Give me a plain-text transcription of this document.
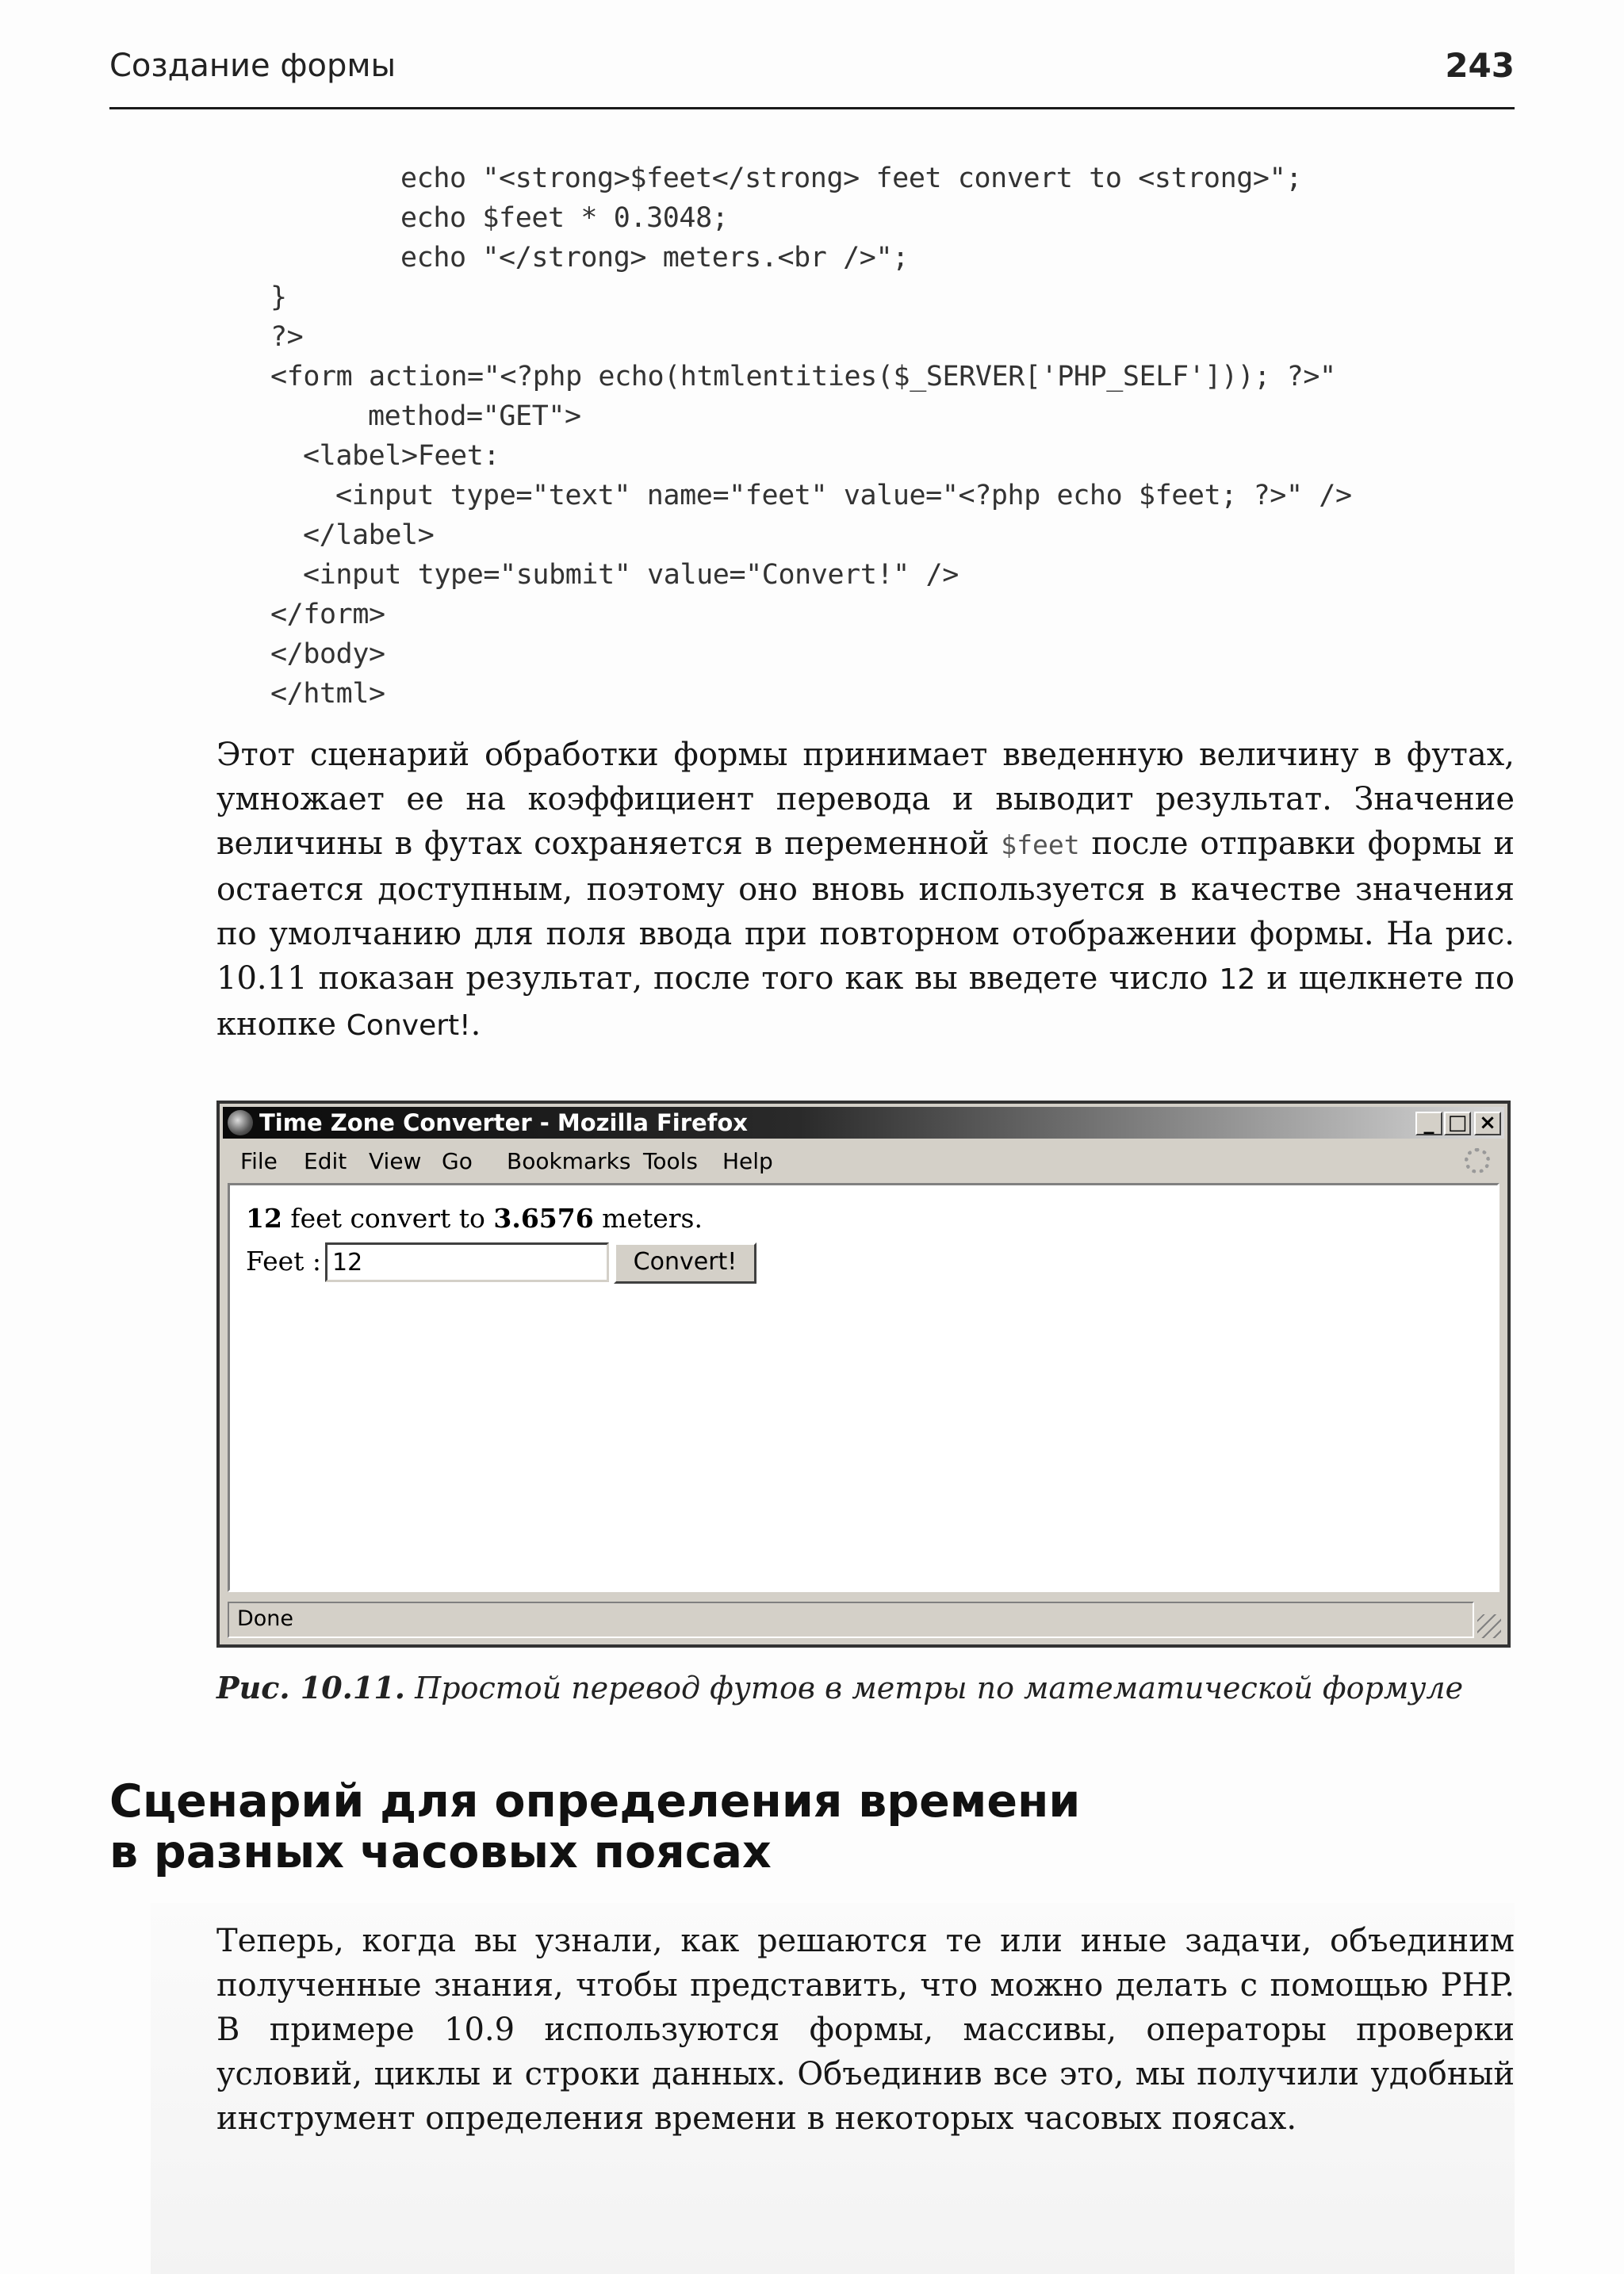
Создание формы	243
echo "<strong>$feet</strong> feet convert to <strong>";
echo $feet * 0.3048;
echo "</strong> meters.<br />";
}
?>
<form action="<?php echo(htmlentities($_SERVER['PHP_SELF'])); ?>"
method="GET">
<label>Feet:
<input type="text" name="feet" value="<?php echo $feet; ?>" />
</label>
<input type="submit" value="Convert!" />
</form>
</body>
</html>
Этот сценарий обработки формы принимает введенную величину в футах, умножает ее на коэффициент перевода и выводит результат. Значение величины в футах сохраняется в переменной $feet после отправки формы и остается доступным, поэтому оно вновь используется в качестве значения по умолчанию для поля ввода при повторном отображении формы. На рис. 10.11 показан результат, после того как вы введете число 12 и щелкнете по кнопке Convert!.
Time Zone Converter - Mozilla Firefox	_ □ ×
File Edit View Go Bookmarks Tools Help
12 feet convert to 3.6576 meters.
Feet : 12	Convert!
Done
Рис. 10.11. Простой перевод футов в метры по математической формуле
Сценарий для определения времени
в разных часовых поясах
Теперь, когда вы узнали, как решаются те или иные задачи, объединим полученные знания, чтобы представить, что можно делать с помощью PHP. В примере 10.9 используются формы, массивы, операторы проверки условий, циклы и строки данных. Объединив все это, мы получили удобный инструмент определения времени в некоторых часовых поясах.
